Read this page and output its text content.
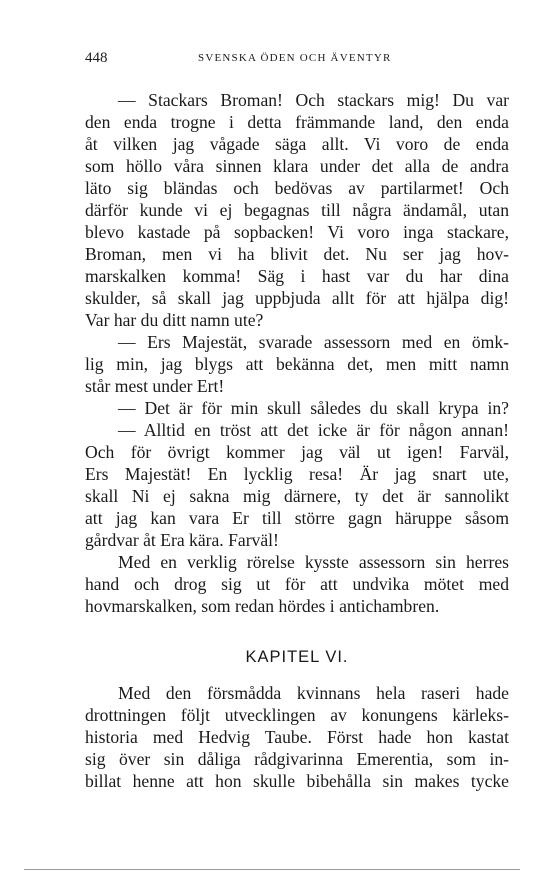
448	SVENSKA ÖDEN OCH ÄVENTYR
— Stackars Broman! Och stackars mig! Du var
den enda trogne i detta främmande land, den enda
åt vilken jag vågade säga allt. Vi voro de enda
som höllo våra sinnen klara under det alla de andra
läto sig bländas och bedövas av partilarmet! Och
därför kunde vi ej begagnas till några ändamål, utan
blevo kastade på sopbacken! Vi voro inga stackare,
Broman, men vi ha blivit det. Nu ser jag hov-
marskalken komma! Säg i hast var du har dina
skulder, så skall jag uppbjuda allt för att hjälpa dig!
Var har du ditt namn ute?
— Ers Majestät, svarade assessorn med en ömk-
lig min, jag blygs att bekänna det, men mitt namn
står mest under Ert!
— Det är för min skull således du skall krypa in?
— Alltid en tröst att det icke är för någon annan!
Och för övrigt kommer jag väl ut igen! Farväl,
Ers Majestät! En lycklig resa! Är jag snart ute,
skall Ni ej sakna mig därnere, ty det är sannolikt
att jag kan vara Er till större gagn häruppe såsom
gårdvar åt Era kära. Farväl!
Med en verklig rörelse kysste assessorn sin herres
hand och drog sig ut för att undvika mötet med
hovmarskalken, som redan hördes i antichambren.
KAPITEL VI.
Med den försmådda kvinnans hela raseri hade
drottningen följt utvecklingen av konungens kärleks-
historia med Hedvig Taube. Först hade hon kastat
sig över sin dåliga rådgivarinna Emerentia, som in-
billat henne att hon skulle bibehålla sin makes tycke
